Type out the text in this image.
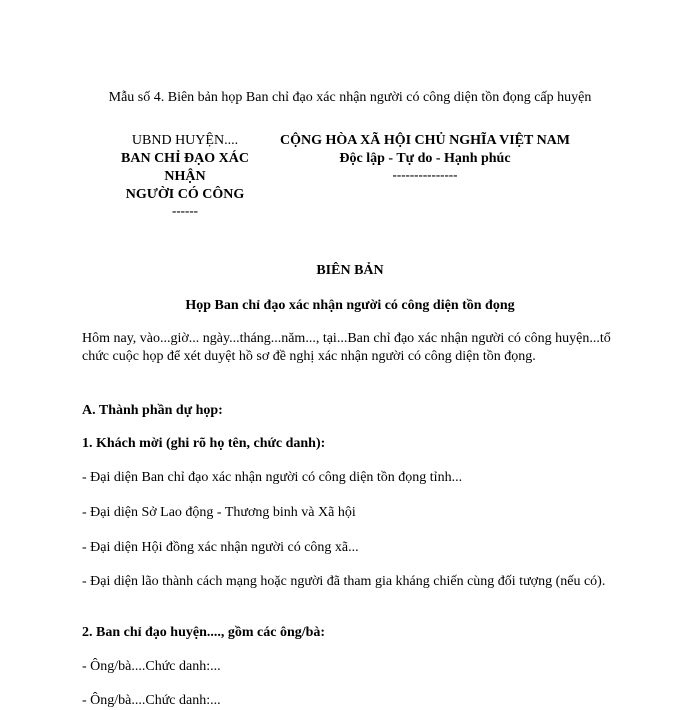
Mẫu số 4. Biên bản họp Ban chỉ đạo xác nhận người có công diện tồn đọng cấp huyện
UBND HUYỆN....
BAN CHỈ ĐẠO XÁC
NHẬN
NGƯỜI CÓ CÔNG
------
CỘNG HÒA XÃ HỘI CHỦ NGHĨA VIỆT NAM
Độc lập - Tự do - Hạnh phúc
---------------
BIÊN BẢN
Họp Ban chỉ đạo xác nhận người có công diện tồn đọng
Hôm nay, vào...giờ... ngày...tháng...năm..., tại...Ban chỉ đạo xác nhận người có công huyện...tổ chức cuộc họp để xét duyệt hồ sơ đề nghị xác nhận người có công diện tồn đọng.
A. Thành phần dự họp:
1. Khách mời (ghi rõ họ tên, chức danh):
- Đại diện Ban chỉ đạo xác nhận người có công diện tồn đọng tỉnh...
- Đại diện Sở Lao động - Thương binh và Xã hội
- Đại diện Hội đồng xác nhận người có công xã...
- Đại diện lão thành cách mạng hoặc người đã tham gia kháng chiến cùng đối tượng (nếu có).
2. Ban chỉ đạo huyện...., gồm các ông/bà:
- Ông/bà....Chức danh:...
- Ông/bà....Chức danh:...
